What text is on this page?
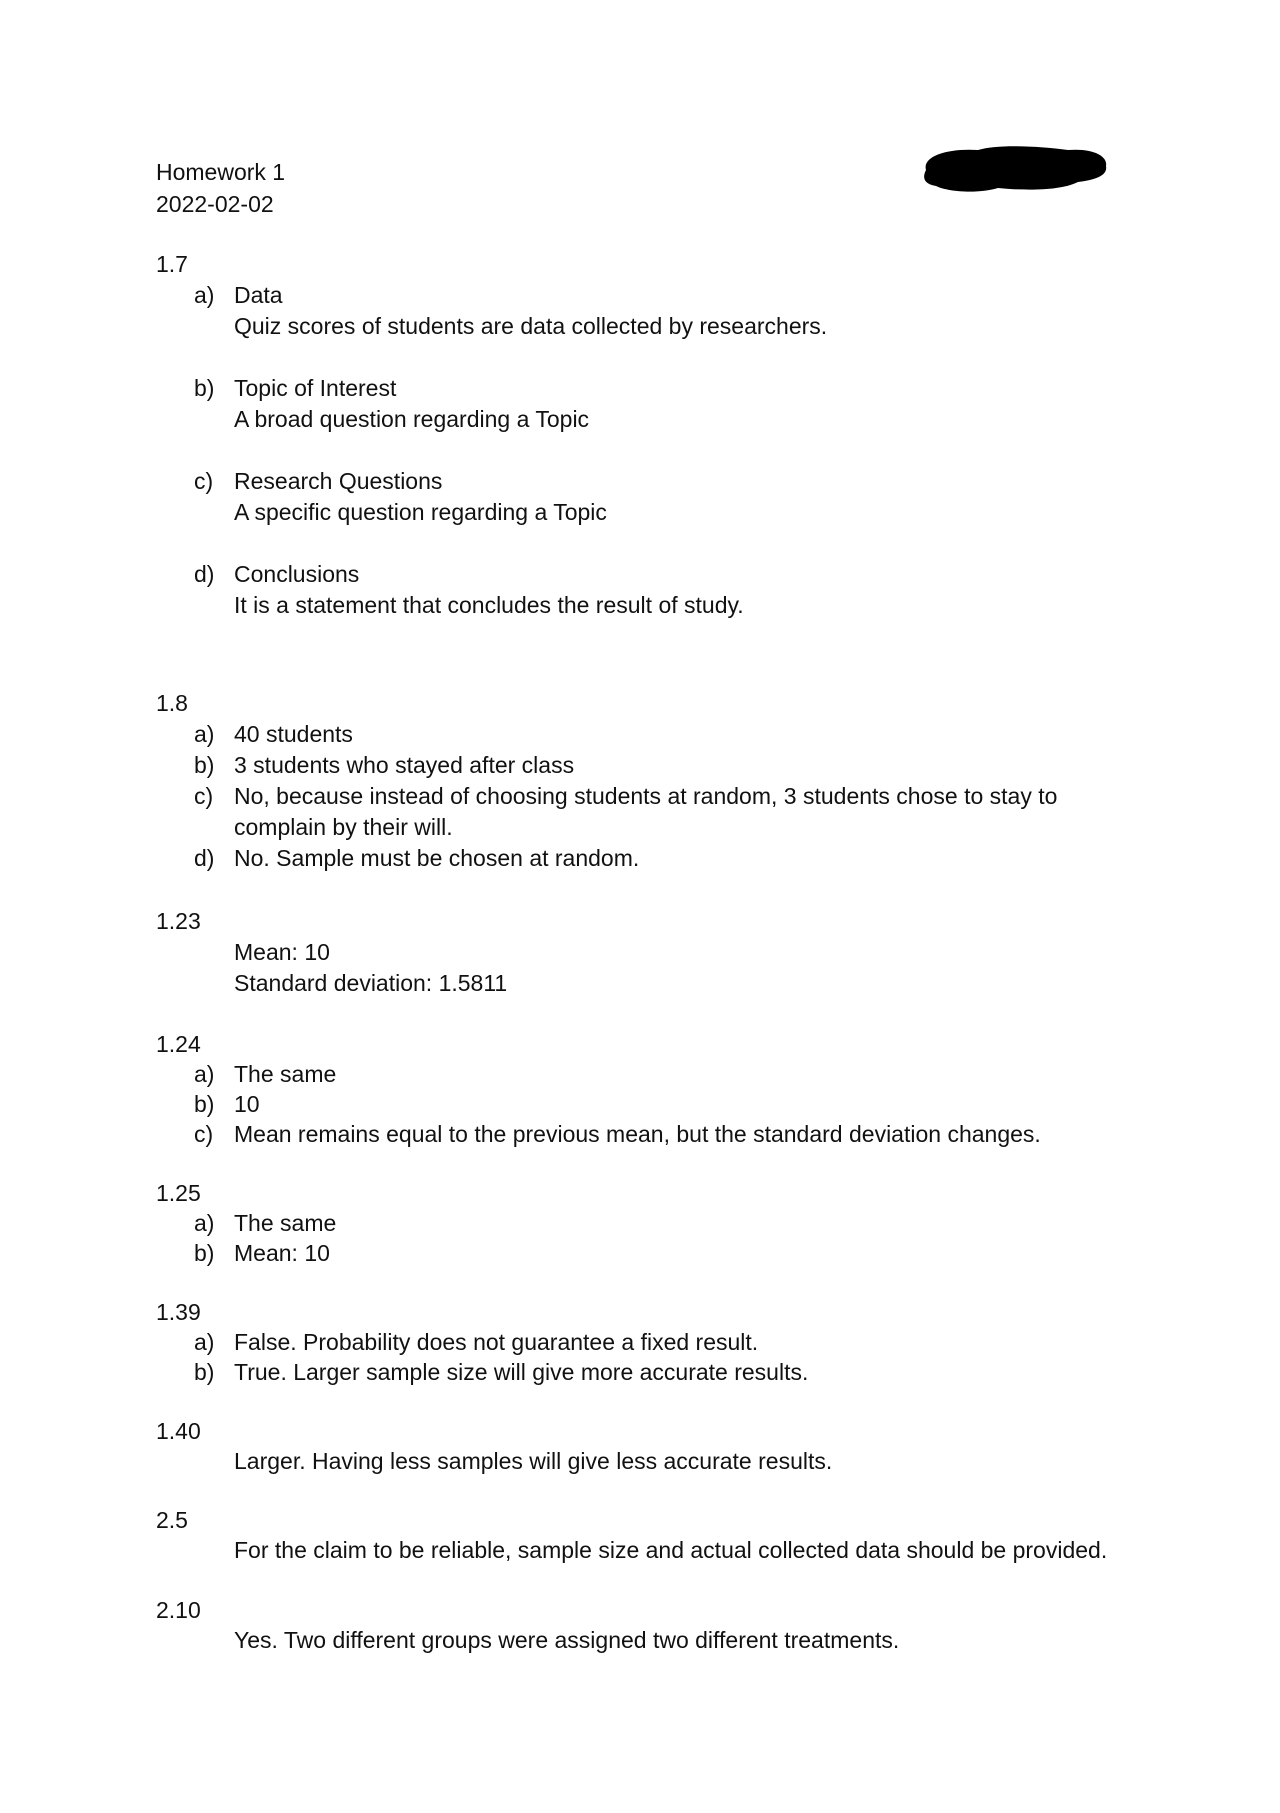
Homework 1
2022-02-02
1.7
a) Data
Quiz scores of students are data collected by researchers.
b) Topic of Interest
A broad question regarding a Topic
c) Research Questions
A specific question regarding a Topic
d) Conclusions
It is a statement that concludes the result of study.
1.8
a) 40 students
b) 3 students who stayed after class
c) No, because instead of choosing students at random, 3 students chose to stay to complain by their will.
d) No. Sample must be chosen at random.
1.23
Mean: 10
Standard deviation: 1.5811
1.24
a) The same
b) 10
c) Mean remains equal to the previous mean, but the standard deviation changes.
1.25
a) The same
b) Mean: 10
1.39
a) False. Probability does not guarantee a fixed result.
b) True. Larger sample size will give more accurate results.
1.40
Larger. Having less samples will give less accurate results.
2.5
For the claim to be reliable, sample size and actual collected data should be provided.
2.10
Yes. Two different groups were assigned two different treatments.
